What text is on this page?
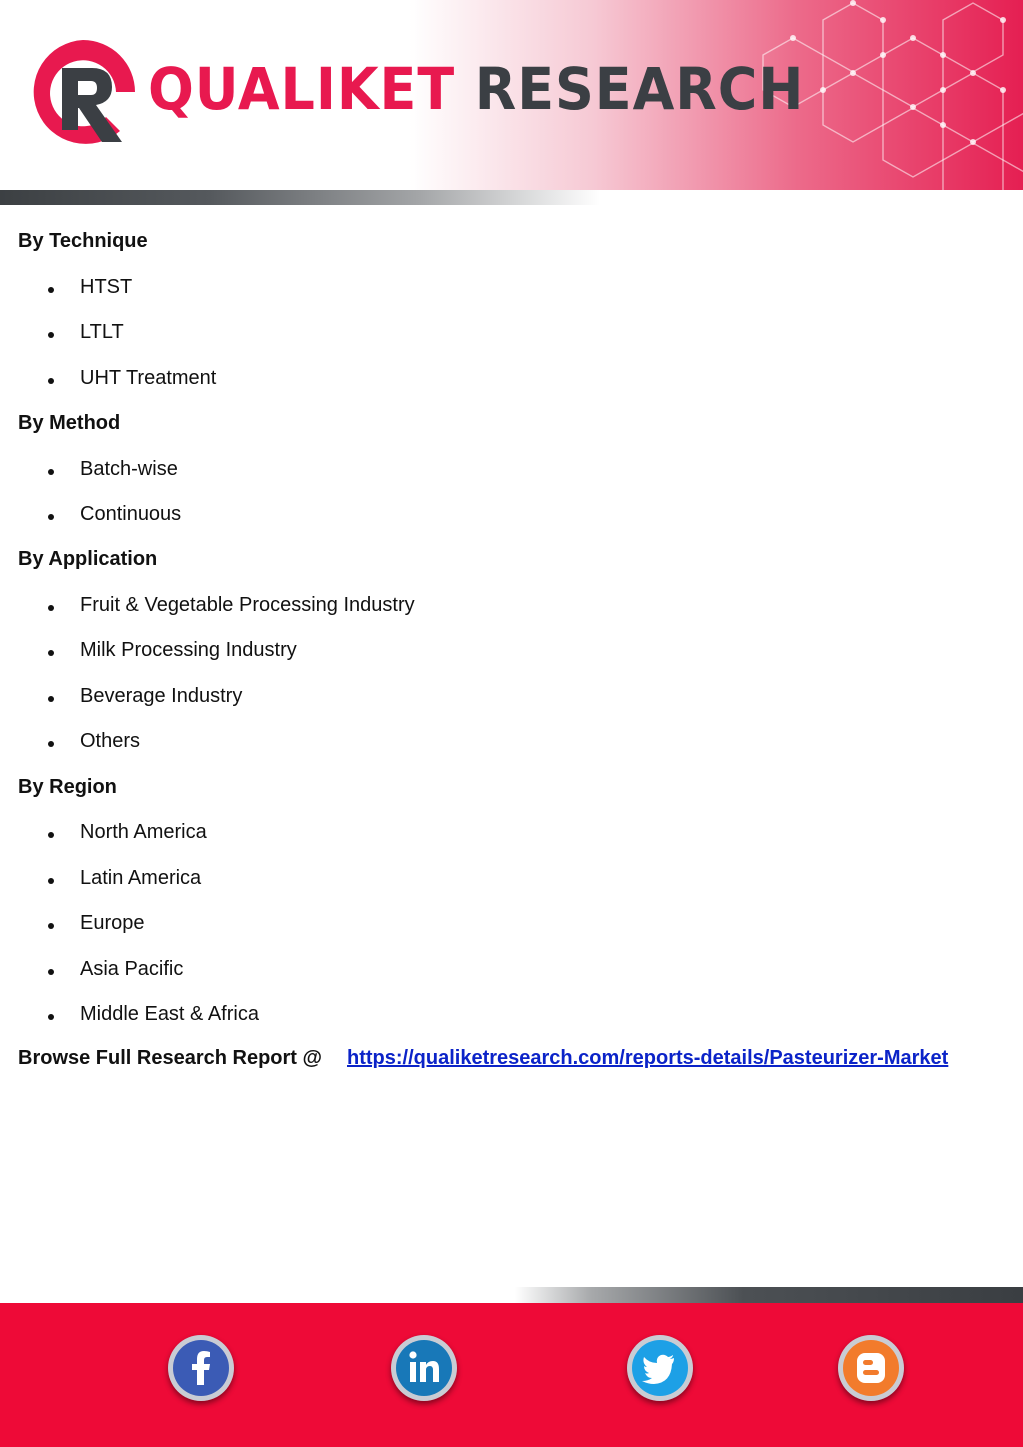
QUALIKET RESEARCH
By Technique
HTST
LTLT
UHT Treatment
By Method
Batch-wise
Continuous
By Application
Fruit & Vegetable Processing Industry
Milk Processing Industry
Beverage Industry
Others
By Region
North America
Latin America
Europe
Asia Pacific
Middle East & Africa
Browse Full Research Report @ https://qualiketresearch.com/reports-details/Pasteurizer-Market
